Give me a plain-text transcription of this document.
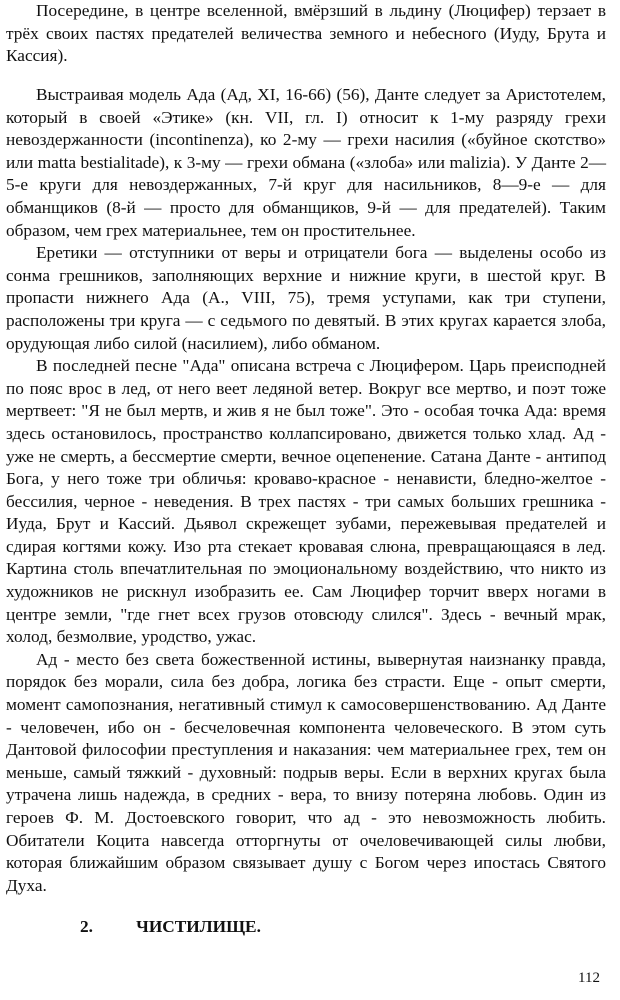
Посередине, в центре вселенной, вмёрзший в льдину (Люцифер) терзает в трёх своих пастях предателей величества земного и небесного (Иуду, Брута и Кассия).

Выстраивая модель Ада (Ад, XI, 16-66) (56), Данте следует за Аристотелем, который в своей «Этике» (кн. VII, гл. I) относит к 1-му разряду грехи невоздержанности (incontinenza), ко 2-му — грехи насилия («буйное скотство» или matta bestialitade), к 3-му — грехи обмана («злоба» или malizia). У Данте 2—5-е круги для невоздержанных, 7-й круг для насильников, 8—9-е — для обманщиков (8-й — просто для обманщиков, 9-й — для предателей). Таким образом, чем грех материальнее, тем он простительнее.

Еретики — отступники от веры и отрицатели бога — выделены особо из сонма грешников, заполняющих верхние и нижние круги, в шестой круг. В пропасти нижнего Ада (А., VIII, 75), тремя уступами, как три ступени, расположены три круга — с седьмого по девятый. В этих кругах карается злоба, орудующая либо силой (насилием), либо обманом.

В последней песне "Ада" описана встреча с Люцифером. Царь преисподней по пояс врос в лед, от него веет ледяной ветер. Вокруг все мертво, и поэт тоже мертвеет: "Я не был мертв, и жив я не был тоже". Это - особая точка Ада: время здесь остановилось, пространство коллапсировано, движется только хлад. Ад - уже не смерть, а бессмертие смерти, вечное оцепенение. Сатана Данте - антипод Бога, у него тоже три обличья: кроваво-красное - ненависти, бледно-желтое - бессилия, черное - неведения. В трех пастях - три самых больших грешника - Иуда, Брут и Кассий. Дьявол скрежещет зубами, пережевывая предателей и сдирая когтями кожу. Изо рта стекает кровавая слюна, превращающаяся в лед. Картина столь впечатлительная по эмоциональному воздействию, что никто из художников не рискнул изобразить ее. Сам Люцифер торчит вверх ногами в центре земли, "где гнет всех грузов отовсюду слился". Здесь - вечный мрак, холод, безмолвие, уродство, ужас.

Ад - место без света божественной истины, вывернутая наизнанку правда, порядок без морали, сила без добра, логика без страсти. Еще - опыт смерти, момент самопознания, негативный стимул к самосовершенствованию. Ад Данте - человечен, ибо он - бесчеловечная компонента человеческого. В этом суть Дантовой философии преступления и наказания: чем материальнее грех, тем он меньше, самый тяжкий - духовный: подрыв веры. Если в верхних кругах была утрачена лишь надежда, в средних - вера, то внизу потеряна любовь. Один из героев Ф. М. Достоевского говорит, что ад - это невозможность любить. Обитатели Коцита навсегда отторгнуты от очеловечивающей силы любви, которая ближайшим образом связывает душу с Богом через ипостась Святого Духа.

2. ЧИСТИЛИЩЕ.
112
